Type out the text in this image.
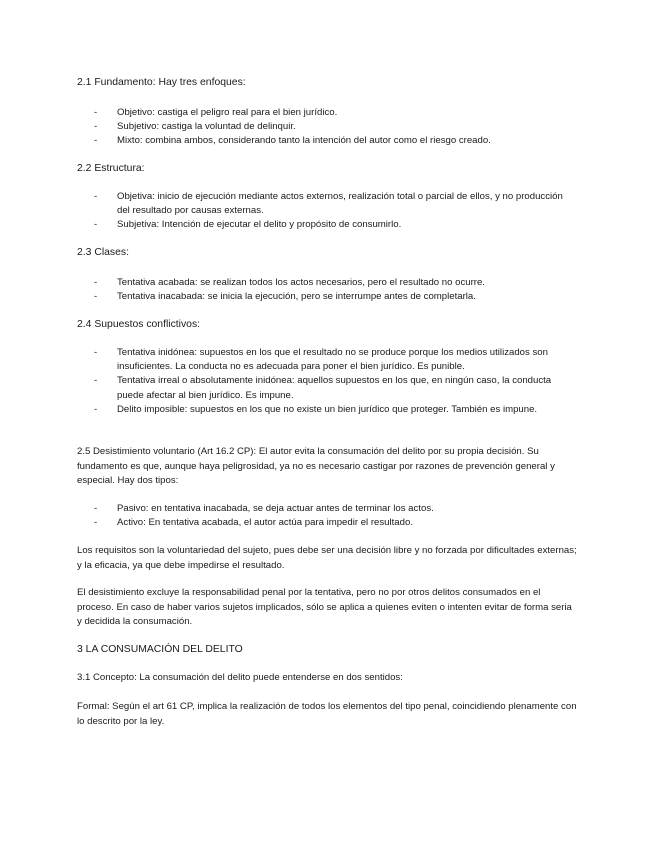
2.1 Fundamento: Hay tres enfoques:
- Objetivo: castiga el peligro real para el bien jurídico.
- Subjetivo: castiga la voluntad de delinquir.
- Mixto: combina ambos, considerando tanto la intención del autor como el riesgo creado.
2.2 Estructura:
- Objetiva: inicio de ejecución mediante actos externos, realización total o parcial de ellos, y no producción del resultado por causas externas.
- Subjetiva: Intención de ejecutar el delito y propósito de consumirlo.
2.3 Clases:
- Tentativa acabada: se realizan todos los actos necesarios, pero el resultado no ocurre.
- Tentativa inacabada: se inicia la ejecución, pero se interrumpe antes de completarla.
2.4 Supuestos conflictivos:
- Tentativa inidónea: supuestos en los que el resultado no se produce porque los medios utilizados son insuficientes. La conducta no es adecuada para poner el bien jurídico. Es punible.
- Tentativa irreal o absolutamente inidónea: aquellos supuestos en los que, en ningún caso, la conducta puede afectar al bien jurídico. Es impune.
- Delito imposible: supuestos en los que no existe un bien jurídico que proteger. También es impune.
2.5 Desistimiento voluntario (Art 16.2 CP): El autor evita la consumación del delito por su propia decisión. Su fundamento es que, aunque haya peligrosidad, ya no es necesario castigar por razones de prevención general y especial. Hay dos tipos:
- Pasivo: en tentativa inacabada, se deja actuar antes de terminar los actos.
- Activo: En tentativa acabada, el autor actúa para impedir el resultado.
Los requisitos son la voluntariedad del sujeto, pues debe ser una decisión libre y no forzada por dificultades externas; y la eficacia, ya que debe impedirse el resultado.
El desistimiento excluye la responsabilidad penal por la tentativa, pero no por otros delitos consumados en el proceso. En caso de haber varios sujetos implicados, sólo se aplica a quienes eviten o intenten evitar de forma seria y decidida la consumación.
3 LA CONSUMACIÓN DEL DELITO
3.1 Concepto: La consumación del delito puede entenderse en dos sentidos:
Formal: Según el art 61 CP, implica la realización de todos los elementos del tipo penal, coincidiendo plenamente con lo descrito por la ley.
